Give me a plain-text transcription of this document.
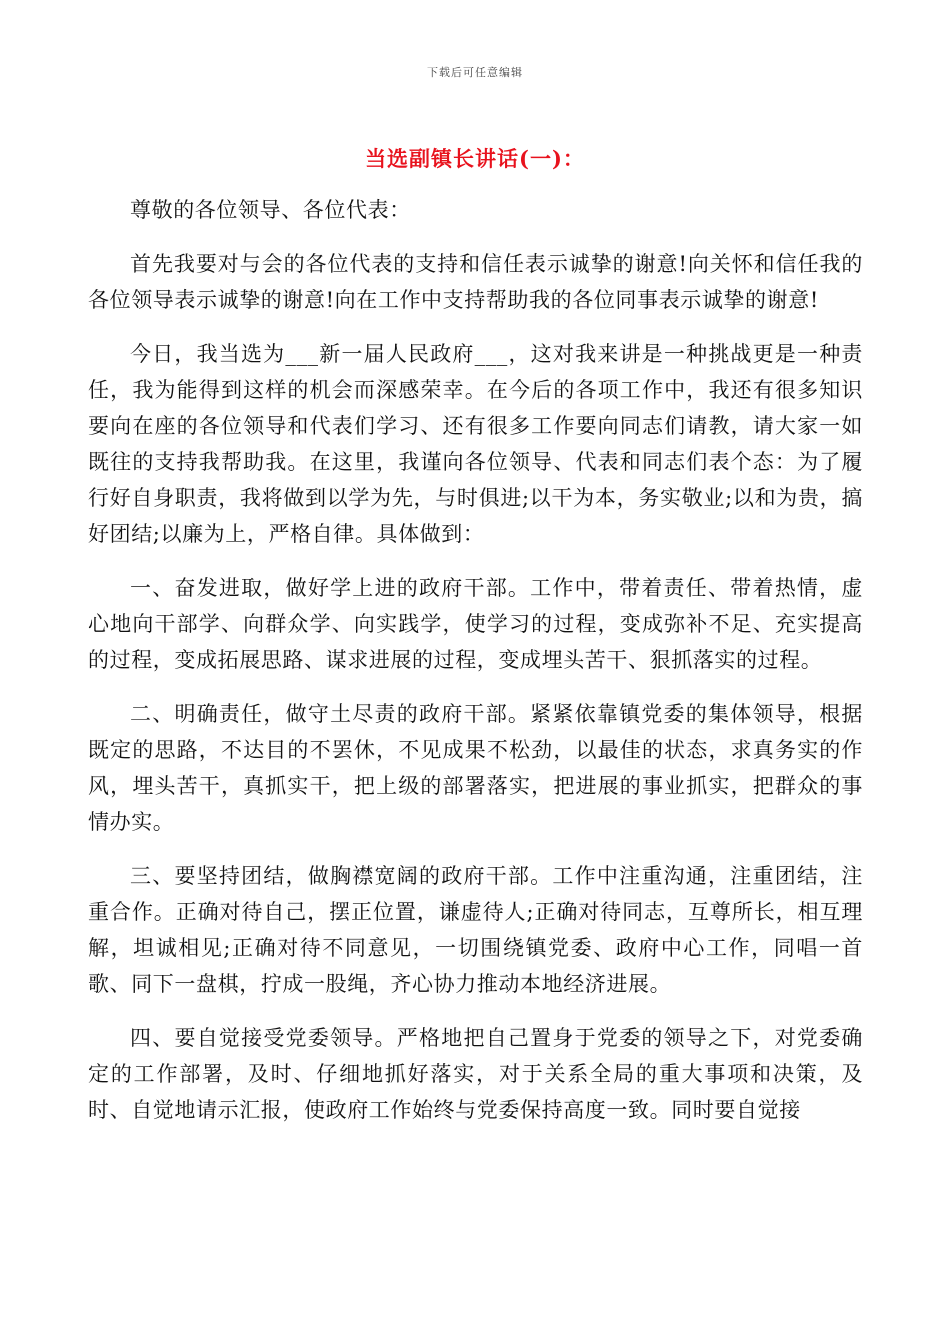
下载后可任意编辑
当选副镇长讲话(一)：

尊敬的各位领导、各位代表：

首先我要对与会的各位代表的支持和信任表示诚挚的谢意!向关怀和信任我的各位领导表示诚挚的谢意!向在工作中支持帮助我的各位同事表示诚挚的谢意!

今日，我当选为___新一届人民政府___，这对我来讲是一种挑战更是一种责任，我为能得到这样的机会而深感荣幸。在今后的各项工作中，我还有很多知识要向在座的各位领导和代表们学习、还有很多工作要向同志们请教，请大家一如既往的支持我帮助我。在这里，我谨向各位领导、代表和同志们表个态：为了履行好自身职责，我将做到以学为先，与时俱进;以干为本，务实敬业;以和为贵，搞好团结;以廉为上，严格自律。具体做到：

一、奋发进取，做好学上进的政府干部。工作中，带着责任、带着热情，虚心地向干部学、向群众学、向实践学，使学习的过程，变成弥补不足、充实提高的过程，变成拓展思路、谋求进展的过程，变成埋头苦干、狠抓落实的过程。

二、明确责任，做守土尽责的政府干部。紧紧依靠镇党委的集体领导，根据既定的思路，不达目的不罢休，不见成果不松劲，以最佳的状态，求真务实的作风，埋头苦干，真抓实干，把上级的部署落实，把进展的事业抓实，把群众的事情办实。

三、要坚持团结，做胸襟宽阔的政府干部。工作中注重沟通，注重团结，注重合作。正确对待自己，摆正位置，谦虚待人;正确对待同志，互尊所长，相互理解，坦诚相见;正确对待不同意见，一切围绕镇党委、政府中心工作，同唱一首歌、同下一盘棋，拧成一股绳，齐心协力推动本地经济进展。

四、要自觉接受党委领导。严格地把自己置身于党委的领导之下，对党委确定的工作部署，及时、仔细地抓好落实，对于关系全局的重大事项和决策，及时、自觉地请示汇报，使政府工作始终与党委保持高度一致。同时要自觉接
